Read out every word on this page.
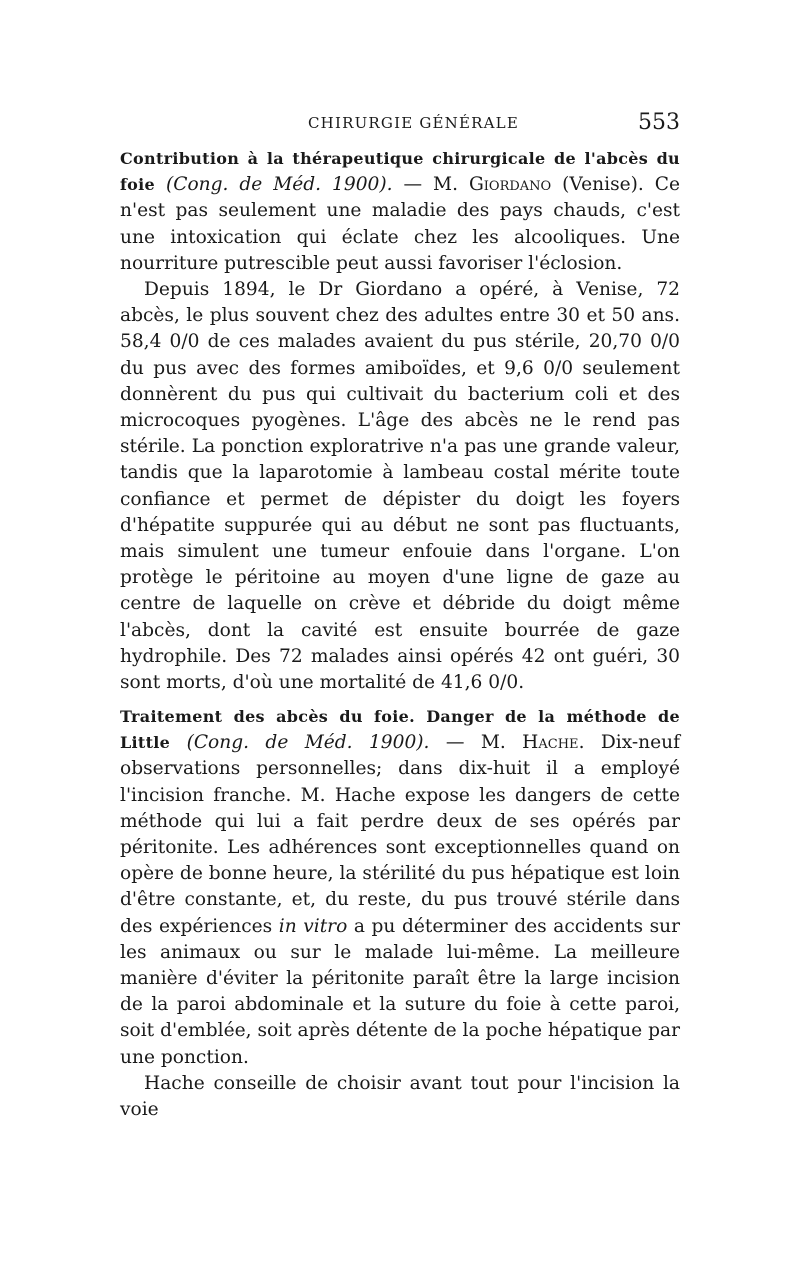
CHIRURGIE GÉNÉRALE	553

Contribution à la thérapeutique chirurgicale de l'abcès du foie (Cong. de Méd. 1900). — M. Giordano (Venise). Ce n'est pas seulement une maladie des pays chauds, c'est une intoxication qui éclate chez les alcooliques. Une nourriture putrescible peut aussi favoriser l'éclosion.

Depuis 1894, le Dr Giordano a opéré, à Venise, 72 abcès, le plus souvent chez des adultes entre 30 et 50 ans. 58,4 0/0 de ces malades avaient du pus stérile, 20,70 0/0 du pus avec des formes amiboïdes, et 9,6 0/0 seulement donnèrent du pus qui cultivait du bacterium coli et des microcoques pyogènes. L'âge des abcès ne le rend pas stérile. La ponction exploratrive n'a pas une grande valeur, tandis que la laparotomie à lambeau costal mérite toute confiance et permet de dépister du doigt les foyers d'hépatite suppurée qui au début ne sont pas fluctuants, mais simulent une tumeur enfouie dans l'organe. L'on protège le péritoine au moyen d'une ligne de gaze au centre de laquelle on crève et débride du doigt même l'abcès, dont la cavité est ensuite bourrée de gaze hydrophile. Des 72 malades ainsi opérés 42 ont guéri, 30 sont morts, d'où une mortalité de 41,6 0/0.

Traitement des abcès du foie. Danger de la méthode de Little (Cong. de Méd. 1900). — M. Hache. Dix-neuf observations personnelles; dans dix-huit il a employé l'incision franche. M. Hache expose les dangers de cette méthode qui lui a fait perdre deux de ses opérés par péritonite. Les adhérences sont exceptionnelles quand on opère de bonne heure, la stérilité du pus hépatique est loin d'être constante, et, du reste, du pus trouvé stérile dans des expériences in vitro a pu déterminer des accidents sur les animaux ou sur le malade lui-même. La meilleure manière d'éviter la péritonite paraît être la large incision de la paroi abdominale et la suture du foie à cette paroi, soit d'emblée, soit après détente de la poche hépatique par une ponction.

Hache conseille de choisir avant tout pour l'incision la voie
